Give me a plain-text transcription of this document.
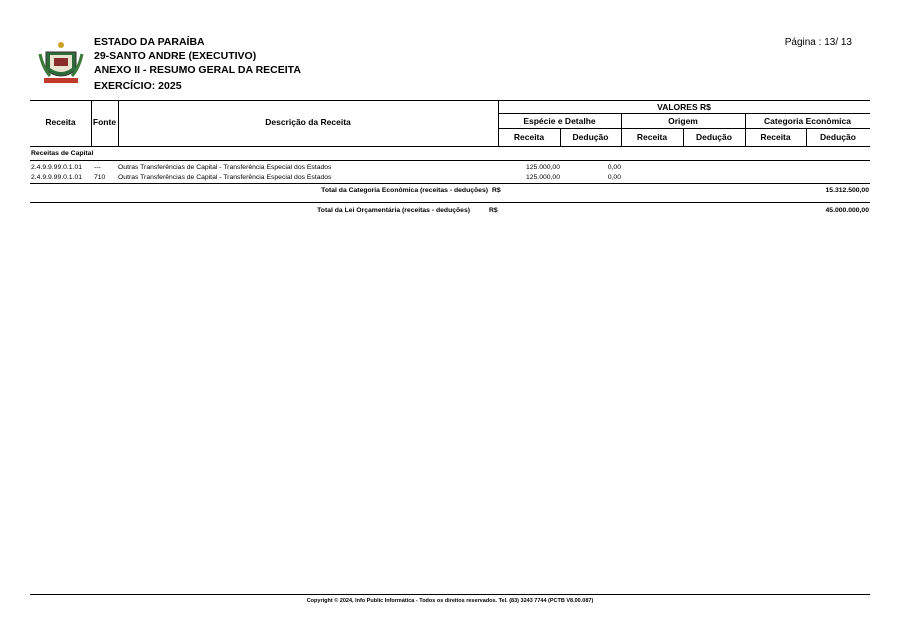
ESTADO DA PARAÍBA
29-SANTO ANDRE (EXECUTIVO)
ANEXO II - RESUMO GERAL DA RECEITA
EXERCÍCIO: 2025
Página : 13/ 13
Receita	Fonte	Descrição da Receita
VALORES R$
Espécie e Detalhe	Origem	Categoria Econômica
Receita	Dedução	Receita	Dedução	Receita	Dedução
Receitas de Capital
2.4.9.9.99.0.1.01 ---	Outras Transferências de Capital - Transferência Especial dos Estados	125.000,00	0,00
2.4.9.9.99.0.1.01 710 Outras Transferências de Capital - Transferência Especial dos Estados	125.000,00	0,00
Total da Categoria Econômica (receitas - deduções) R$	15.312.500,00
Total da Lei Orçamentária (receitas - deduções)	R$	45.000.000,00
Copyright © 2024, Info Public Informática - Todos os direitos reservados. Tel. (83) 3243 7744 (PCTB V8.00.087)
